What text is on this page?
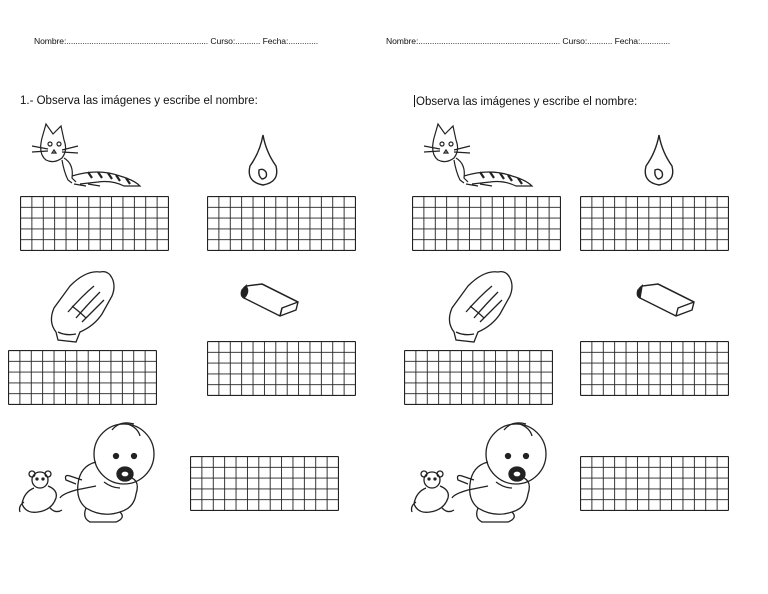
Nombre:.............................................................. Curso:........... Fecha:.............
1.- Observa las imágenes y escribe el nombre:
Nombre:.............................................................. Curso:........... Fecha:.............
Observa las imágenes y escribe el nombre:
